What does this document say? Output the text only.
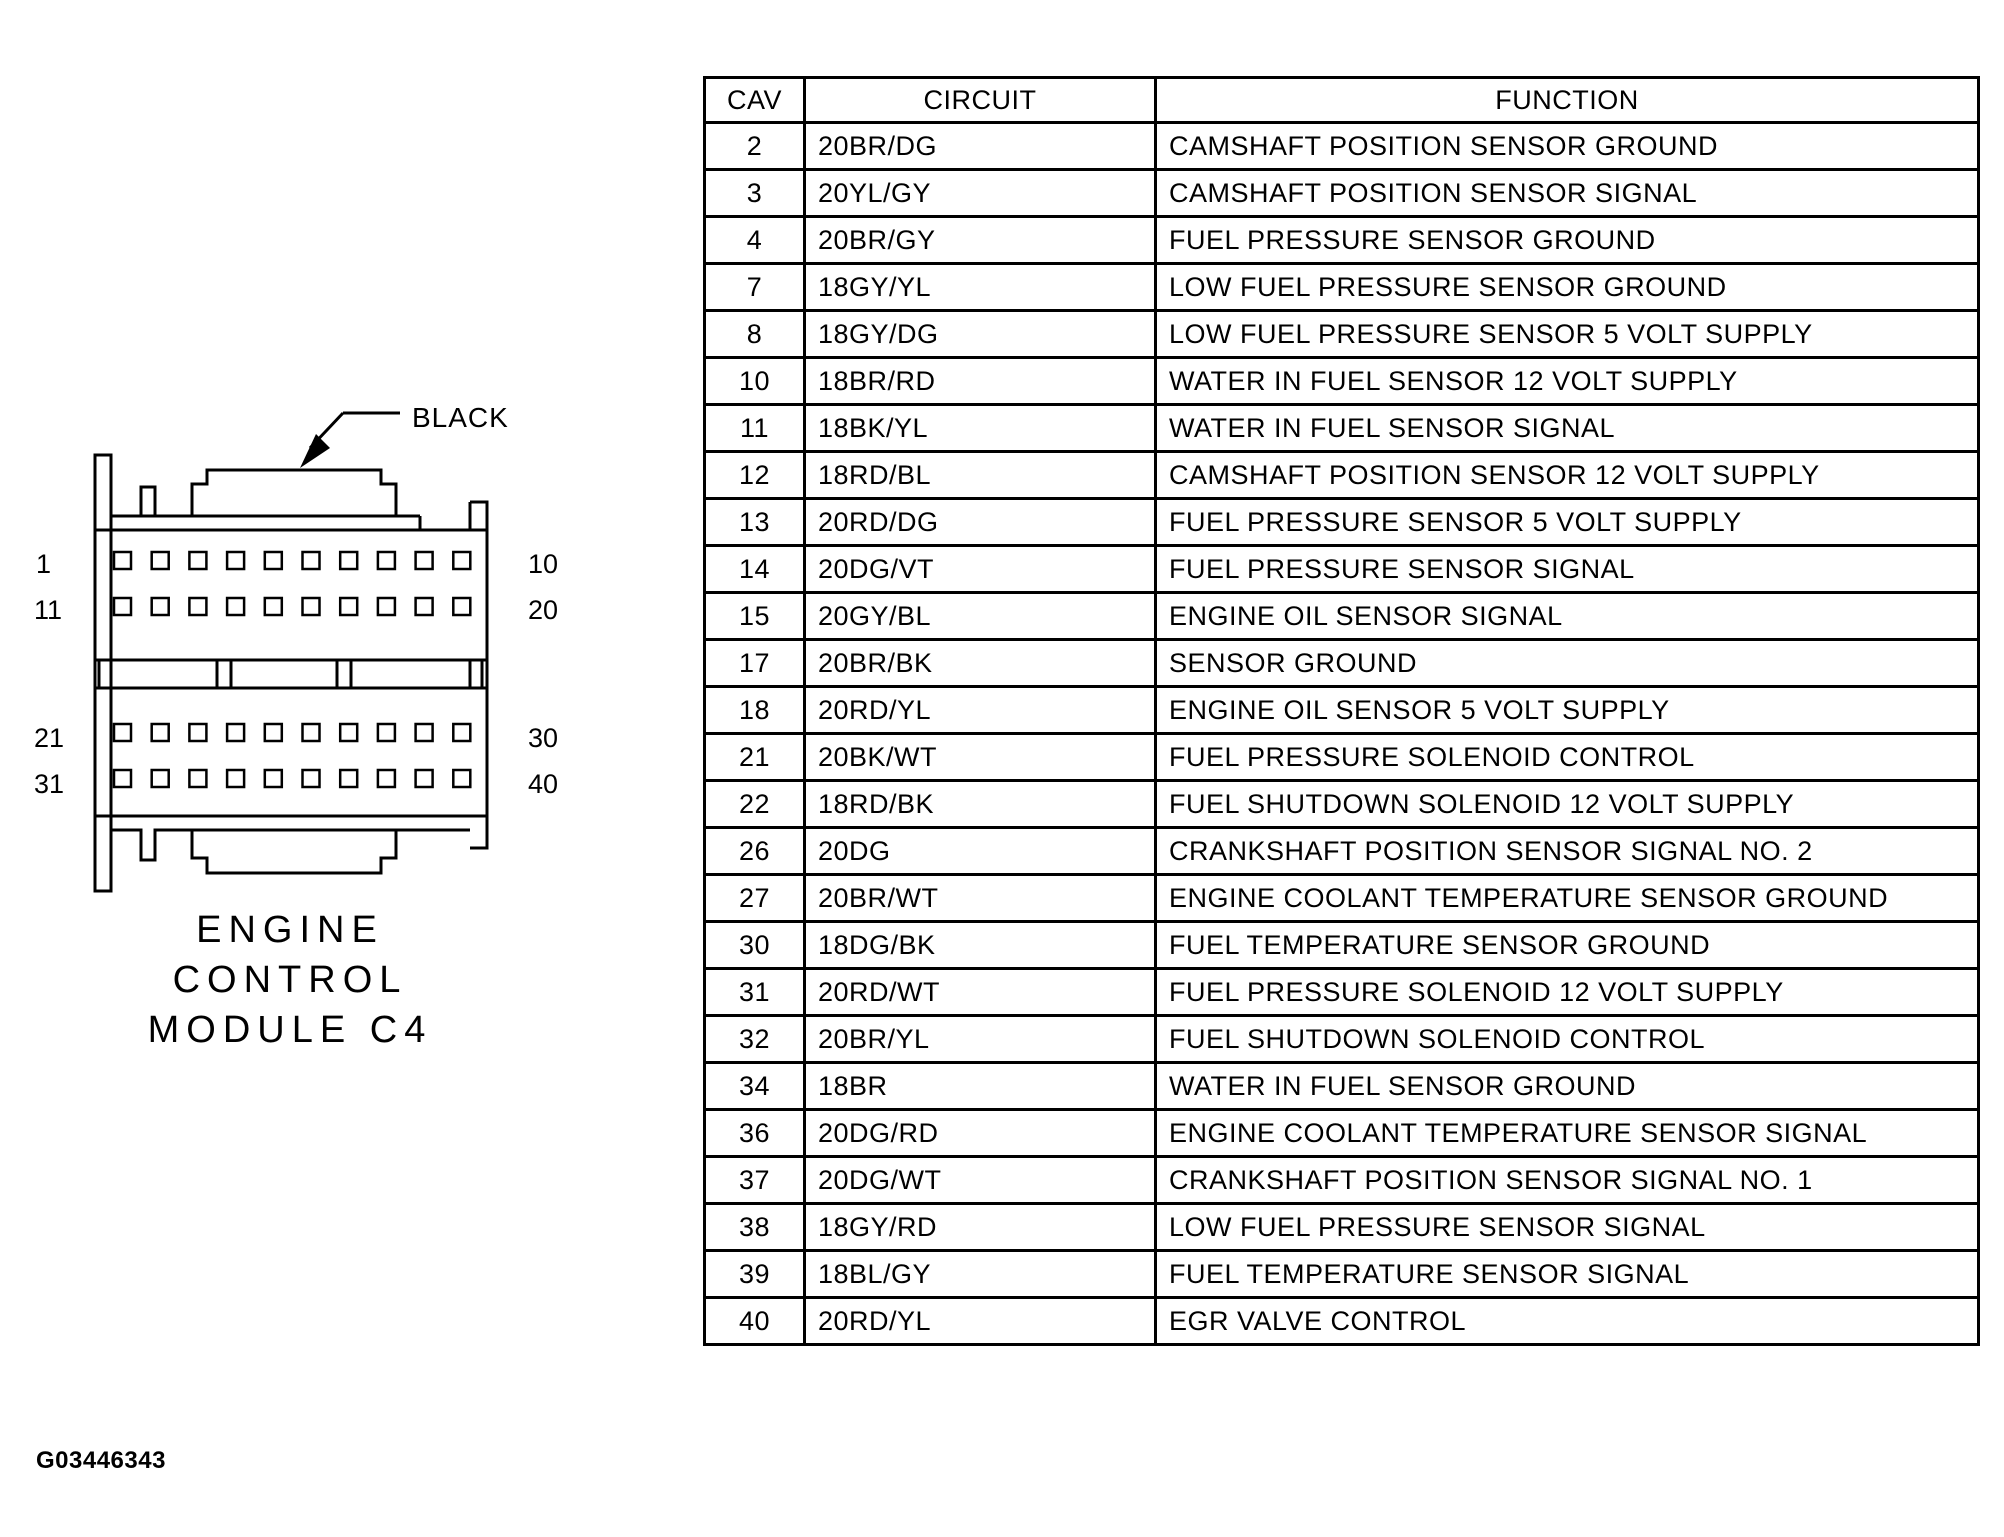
BLACK
1	10
11	20
21	30
31	40
ENGINE
CONTROL
MODULE C4
CAV	CIRCUIT	FUNCTION
2	20BR/DG	CAMSHAFT POSITION SENSOR GROUND
3	20YL/GY	CAMSHAFT POSITION SENSOR SIGNAL
4	20BR/GY	FUEL PRESSURE SENSOR GROUND
7	18GY/YL	LOW FUEL PRESSURE SENSOR GROUND
8	18GY/DG	LOW FUEL PRESSURE SENSOR 5 VOLT SUPPLY
10	18BR/RD	WATER IN FUEL SENSOR 12 VOLT SUPPLY
11	18BK/YL	WATER IN FUEL SENSOR SIGNAL
12	18RD/BL	CAMSHAFT POSITION SENSOR 12 VOLT SUPPLY
13	20RD/DG	FUEL PRESSURE SENSOR 5 VOLT SUPPLY
14	20DG/VT	FUEL PRESSURE SENSOR SIGNAL
15	20GY/BL	ENGINE OIL SENSOR SIGNAL
17	20BR/BK	SENSOR GROUND
18	20RD/YL	ENGINE OIL SENSOR 5 VOLT SUPPLY
21	20BK/WT	FUEL PRESSURE SOLENOID CONTROL
22	18RD/BK	FUEL SHUTDOWN SOLENOID 12 VOLT SUPPLY
26	20DG	CRANKSHAFT POSITION SENSOR SIGNAL NO. 2
27	20BR/WT	ENGINE COOLANT TEMPERATURE SENSOR GROUND
30	18DG/BK	FUEL TEMPERATURE SENSOR GROUND
31	20RD/WT	FUEL PRESSURE SOLENOID 12 VOLT SUPPLY
32	20BR/YL	FUEL SHUTDOWN SOLENOID CONTROL
34	18BR	WATER IN FUEL SENSOR GROUND
36	20DG/RD	ENGINE COOLANT TEMPERATURE SENSOR SIGNAL
37	20DG/WT	CRANKSHAFT POSITION SENSOR SIGNAL NO. 1
38	18GY/RD	LOW FUEL PRESSURE SENSOR SIGNAL
39	18BL/GY	FUEL TEMPERATURE SENSOR SIGNAL
40	20RD/YL	EGR VALVE CONTROL
G03446343
